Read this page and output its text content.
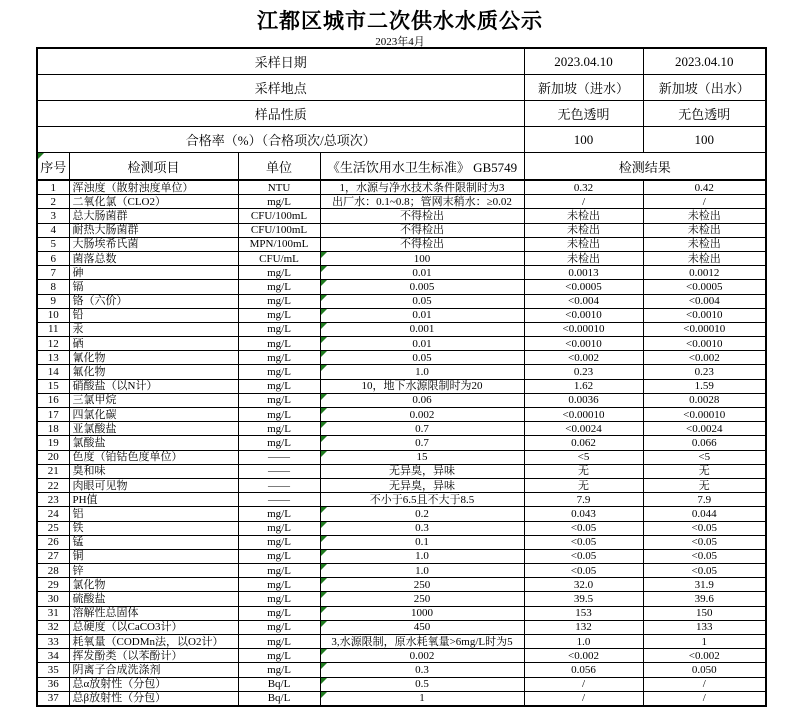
江都区城市二次供水水质公示
2023年4月
采样日期				2023.04.10	2023.04.10
采样地点				新加坡（进水）	新加坡（出水）
样品性质				无色透明	无色透明
合格率（%）（合格项次/总项次）				100	100

序号	检测项目	单位	《生活饮用水卫生标准》 GB5749	检测结果	
1	浑浊度（散射浊度单位）	NTU	1，水源与净水技术条件限制时为3	0.32	0.42
2	二氧化氯（CLO2）	mg/L	出厂水：0.1~0.8；管网末稍水：≥0.02	/	/
3	总大肠菌群	CFU/100mL	不得检出	未检出	未检出
4	耐热大肠菌群	CFU/100mL	不得检出	未检出	未检出
5	大肠埃希氏菌	MPN/100mL	不得检出	未检出	未检出
6	菌落总数	CFU/mL	100	未检出	未检出
7	砷	mg/L	0.01	0.0013	0.0012
8	镉	mg/L	0.005	<0.0005	<0.0005
9	铬（六价）	mg/L	0.05	<0.004	<0.004
10	铅	mg/L	0.01	<0.0010	<0.0010
11	汞	mg/L	0.001	<0.00010	<0.00010
12	硒	mg/L	0.01	<0.0010	<0.0010
13	氰化物	mg/L	0.05	<0.002	<0.002
14	氟化物	mg/L	1.0	0.23	0.23
15	硝酸盐（以N计）	mg/L	10，地下水源限制时为20	1.62	1.59
16	三氯甲烷	mg/L	0.06	0.0036	0.0028
17	四氯化碳	mg/L	0.002	<0.00010	<0.00010
18	亚氯酸盐	mg/L	0.7	<0.0024	<0.0024
19	氯酸盐	mg/L	0.7	0.062	0.066
20	色度（铂钴色度单位）	——	15	<5	<5
21	臭和味	——	无异臭，异味	无	无
22	肉眼可见物	——	无异臭，异味	无	无
23	PH值	——	不小于6.5且不大于8.5	7.9	7.9
24	铝	mg/L	0.2	0.043	0.044
25	铁	mg/L	0.3	<0.05	<0.05
26	锰	mg/L	0.1	<0.05	<0.05
27	铜	mg/L	1.0	<0.05	<0.05
28	锌	mg/L	1.0	<0.05	<0.05
29	氯化物	mg/L	250	32.0	31.9
30	硫酸盐	mg/L	250	39.5	39.6
31	溶解性总固体	mg/L	1000	153	150
32	总硬度（以CaCO3计）	mg/L	450	132	133
33	耗氧量（CODMn法，以O2计）	mg/L	3,水源限制，原水耗氧量>6mg/L时为5	1.0	1
34	挥发酚类（以苯酚计）	mg/L	0.002	<0.002	<0.002
35	阴离子合成洗涤剂	mg/L	0.3	0.056	0.050
36	总α放射性（分包）	Bq/L	0.5	/	/
37	总β放射性（分包）	Bq/L	1	/	/
